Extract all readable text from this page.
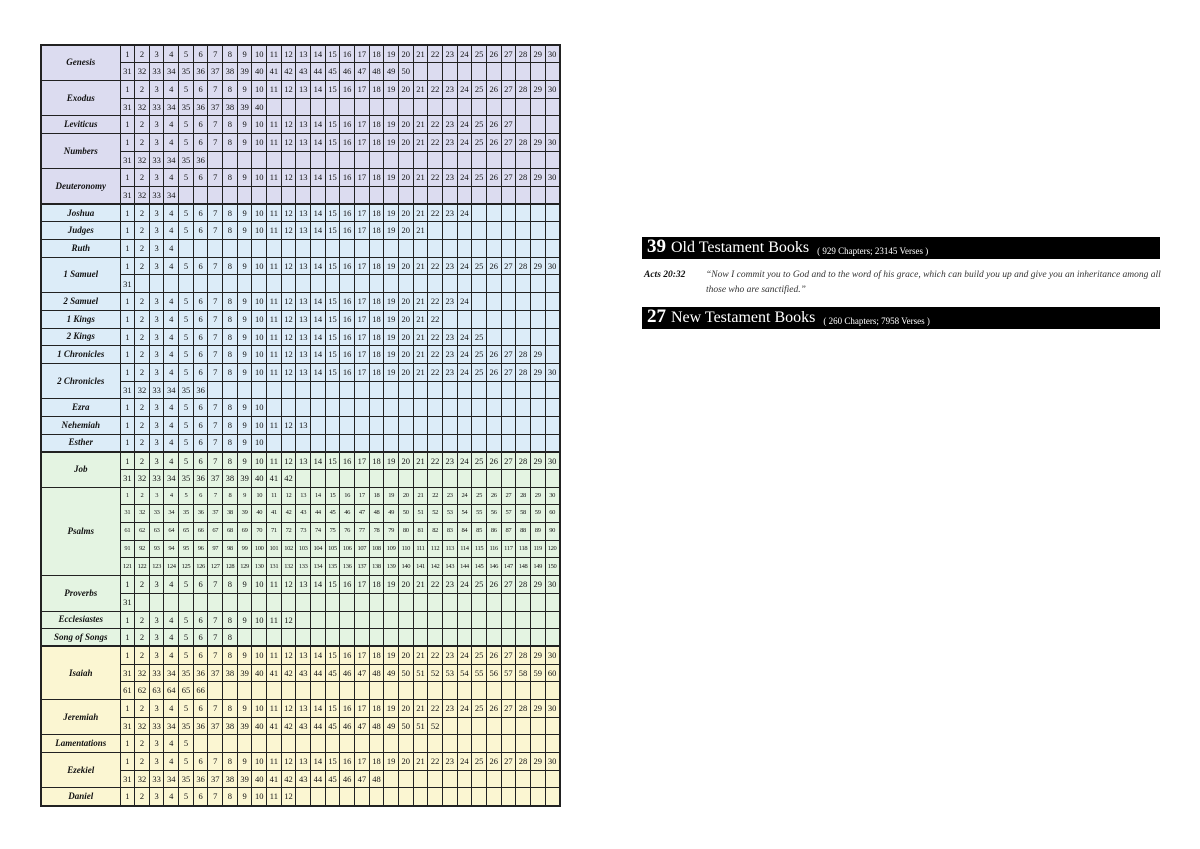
Genesis	1	2	3	4	5	6	7	8	9	10	11	12	13	14	15	16	17	18	19	20	21	22	23	24	25	26	27	28	29	30
	31	32	33	34	35	36	37	38	39	40	41	42	43	44	45	46	47	48	49	50										
Exodus	1	2	3	4	5	6	7	8	9	10	11	12	13	14	15	16	17	18	19	20	21	22	23	24	25	26	27	28	29	30
	31	32	33	34	35	36	37	38	39	40																				
Leviticus	1	2	3	4	5	6	7	8	9	10	11	12	13	14	15	16	17	18	19	20	21	22	23	24	25	26	27			
Numbers	1	2	3	4	5	6	7	8	9	10	11	12	13	14	15	16	17	18	19	20	21	22	23	24	25	26	27	28	29	30
	31	32	33	34	35	36																								
Deuteronomy	1	2	3	4	5	6	7	8	9	10	11	12	13	14	15	16	17	18	19	20	21	22	23	24	25	26	27	28	29	30
	31	32	33	34																										
Joshua	1	2	3	4	5	6	7	8	9	10	11	12	13	14	15	16	17	18	19	20	21	22	23	24						
Judges	1	2	3	4	5	6	7	8	9	10	11	12	13	14	15	16	17	18	19	20	21									
Ruth	1	2	3	4																										
1 Samuel	1	2	3	4	5	6	7	8	9	10	11	12	13	14	15	16	17	18	19	20	21	22	23	24	25	26	27	28	29	30
	31																													
2 Samuel	1	2	3	4	5	6	7	8	9	10	11	12	13	14	15	16	17	18	19	20	21	22	23	24						
1 Kings	1	2	3	4	5	6	7	8	9	10	11	12	13	14	15	16	17	18	19	20	21	22								
2 Kings	1	2	3	4	5	6	7	8	9	10	11	12	13	14	15	16	17	18	19	20	21	22	23	24	25					
1 Chronicles	1	2	3	4	5	6	7	8	9	10	11	12	13	14	15	16	17	18	19	20	21	22	23	24	25	26	27	28	29	
2 Chronicles	1	2	3	4	5	6	7	8	9	10	11	12	13	14	15	16	17	18	19	20	21	22	23	24	25	26	27	28	29	30
	31	32	33	34	35	36																								
Ezra	1	2	3	4	5	6	7	8	9	10																				
Nehemiah	1	2	3	4	5	6	7	8	9	10	11	12	13																	
Esther	1	2	3	4	5	6	7	8	9	10																				
Job	1	2	3	4	5	6	7	8	9	10	11	12	13	14	15	16	17	18	19	20	21	22	23	24	25	26	27	28	29	30
	31	32	33	34	35	36	37	38	39	40	41	42																		
Psalms	1	2	3	4	5	6	7	8	9	10	11	12	13	14	15	16	17	18	19	20	21	22	23	24	25	26	27	28	29	30
	31	32	33	34	35	36	37	38	39	40	41	42	43	44	45	46	47	48	49	50	51	52	53	54	55	56	57	58	59	60
	61	62	63	64	65	66	67	68	69	70	71	72	73	74	75	76	77	78	79	80	81	82	83	84	85	86	87	88	89	90
	91	92	93	94	95	96	97	98	99	100	101	102	103	104	105	106	107	108	109	110	111	112	113	114	115	116	117	118	119	120
	121	122	123	124	125	126	127	128	129	130	131	132	133	134	135	136	137	138	139	140	141	142	143	144	145	146	147	148	149	150
Proverbs	1	2	3	4	5	6	7	8	9	10	11	12	13	14	15	16	17	18	19	20	21	22	23	24	25	26	27	28	29	30
	31																													
Ecclesiastes	1	2	3	4	5	6	7	8	9	10	11	12																		
Song of Songs	1	2	3	4	5	6	7	8																						
Isaiah	1	2	3	4	5	6	7	8	9	10	11	12	13	14	15	16	17	18	19	20	21	22	23	24	25	26	27	28	29	30
	31	32	33	34	35	36	37	38	39	40	41	42	43	44	45	46	47	48	49	50	51	52	53	54	55	56	57	58	59	60
	61	62	63	64	65	66																								
Jeremiah	1	2	3	4	5	6	7	8	9	10	11	12	13	14	15	16	17	18	19	20	21	22	23	24	25	26	27	28	29	30
	31	32	33	34	35	36	37	38	39	40	41	42	43	44	45	46	47	48	49	50	51	52								
Lamentations	1	2	3	4	5																									
Ezekiel	1	2	3	4	5	6	7	8	9	10	11	12	13	14	15	16	17	18	19	20	21	22	23	24	25	26	27	28	29	30
	31	32	33	34	35	36	37	38	39	40	41	42	43	44	45	46	47	48												
Daniel	1	2	3	4	5	6	7	8	9	10	11	12																		
39 Old Testament Books ( 929 Chapters; 23145 Verses )
Acts 20:32 “Now I commit you to God and to the word of his grace, which can build you up and give you an inheritance among all those who are sanctified.”
27 New Testament Books ( 260 Chapters; 7958 Verses )
